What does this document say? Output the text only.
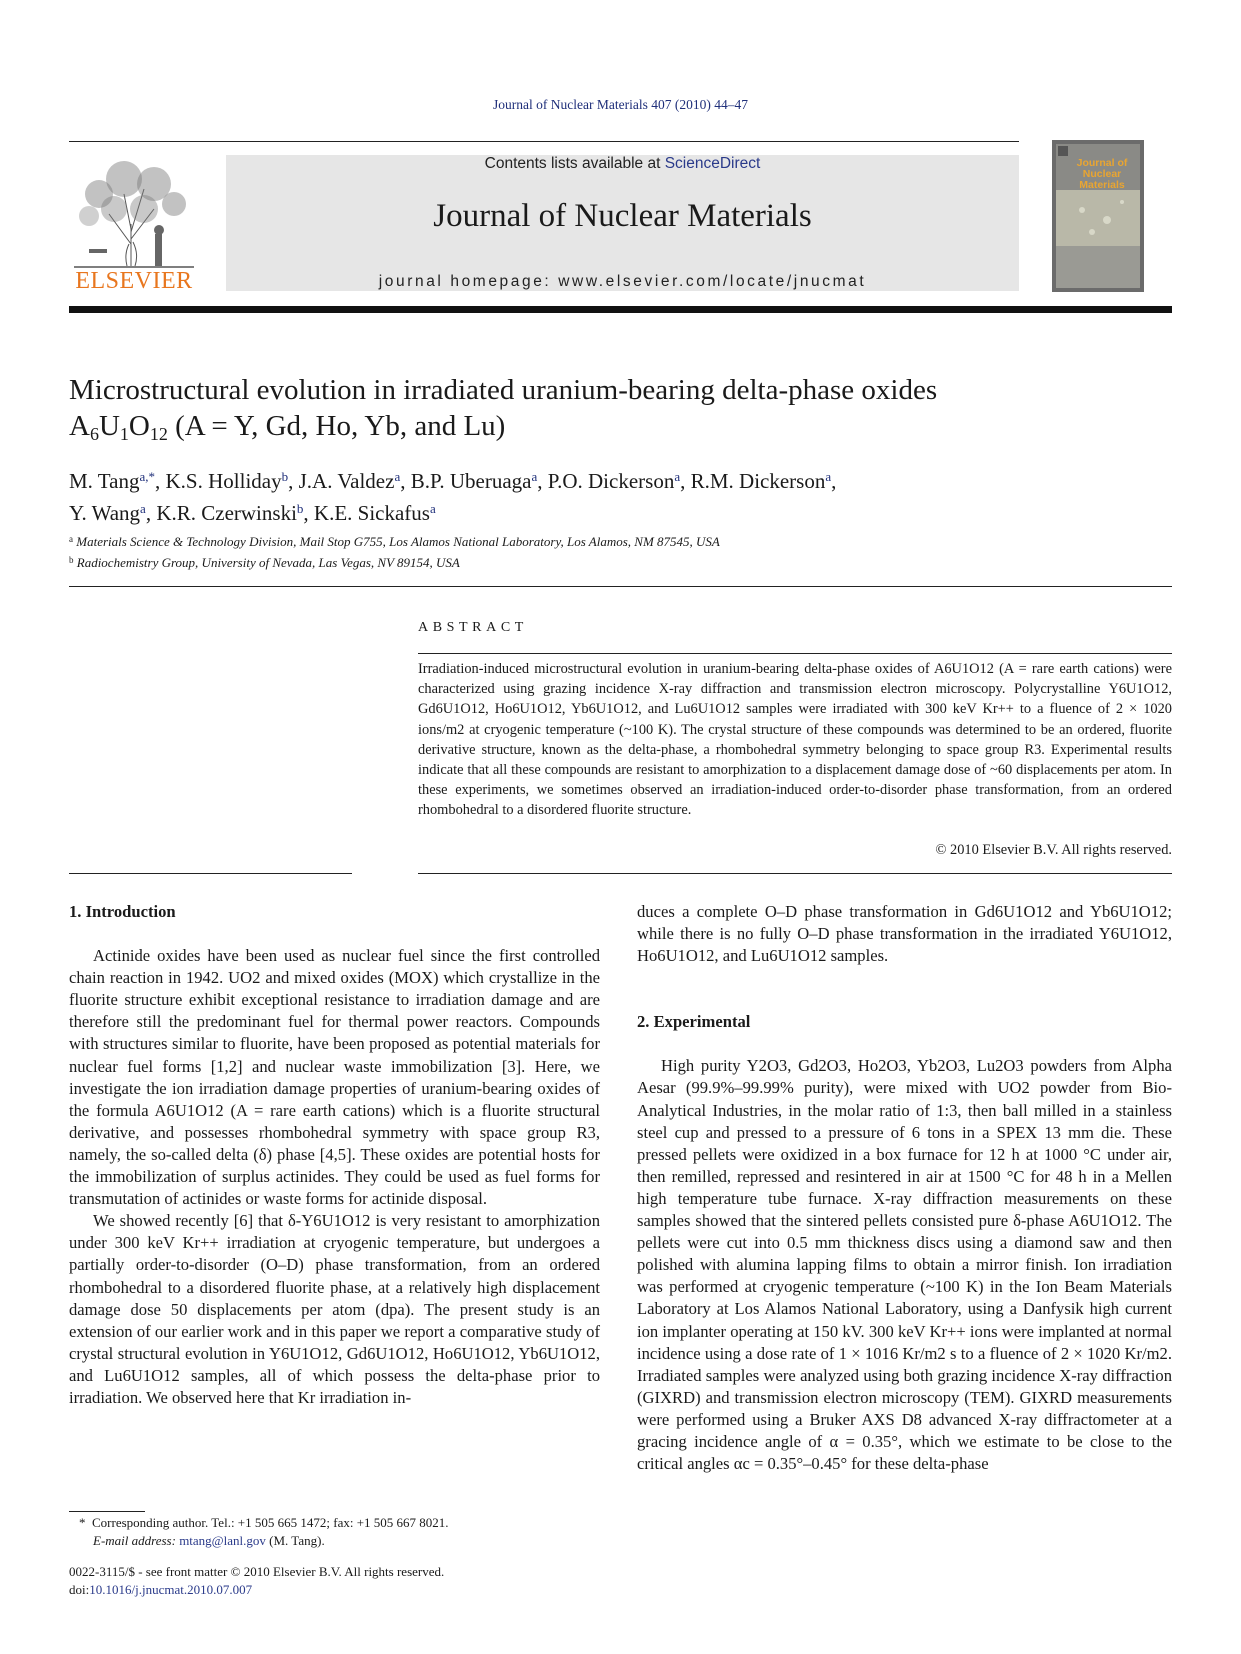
Journal of Nuclear Materials 407 (2010) 44–47
ELSEVIER
Contents lists available at ScienceDirect
Journal of Nuclear Materials
journal homepage: www.elsevier.com/locate/jnucmat
Journal of
Nuclear Materials
Microstructural evolution in irradiated uranium-bearing delta-phase oxides
$A_6U_1O_{12}$ (A = Y, Gd, Ho, Yb, and Lu)
M. Tang$^{a,*}$, K.S. Holliday$^b$, J.A. Valdez$^a$, B.P. Uberuaga$^a$, P.O. Dickerson$^a$, R.M. Dickerson$^a$,
Y. Wang$^a$, K.R. Czerwinski$^b$, K.E. Sickafus$^a$
$^a$ Materials Science & Technology Division, Mail Stop G755, Los Alamos National Laboratory, Los Alamos, NM 87545, USA
$^b$ Radiochemistry Group, University of Nevada, Las Vegas, NV 89154, USA
ABSTRACT
Irradiation-induced microstructural evolution in uranium-bearing delta-phase oxides of A6U1O12 (A = rare earth cations) were characterized using grazing incidence X-ray diffraction and transmission electron microscopy. Polycrystalline Y6U1O12, Gd6U1O12, Ho6U1O12, Yb6U1O12, and Lu6U1O12 samples were irradiated with 300 keV Kr++ to a fluence of 2 × 1020 ions/m2 at cryogenic temperature (~100 K). The crystal structure of these compounds was determined to be an ordered, fluorite derivative structure, known as the delta-phase, a rhombohedral symmetry belonging to space group R3. Experimental results indicate that all these compounds are resistant to amorphization to a displacement damage dose of ~60 displacements per atom. In these experiments, we sometimes observed an irradiation-induced order-to-disorder phase transformation, from an ordered rhombohedral to a disordered fluorite structure.
© 2010 Elsevier B.V. All rights reserved.
1. Introduction

Actinide oxides have been used as nuclear fuel since the first controlled chain reaction in 1942. UO2 and mixed oxides (MOX) which crystallize in the fluorite structure exhibit exceptional resistance to irradiation damage and are therefore still the predominant fuel for thermal power reactors. Compounds with structures similar to fluorite, have been proposed as potential materials for nuclear fuel forms [1,2] and nuclear waste immobilization [3]. Here, we investigate the ion irradiation damage properties of uranium-bearing oxides of the formula A6U1O12 (A = rare earth cations) which is a fluorite structural derivative, and possesses rhombohedral symmetry with space group R3, namely, the so-called delta (δ) phase [4,5]. These oxides are potential hosts for the immobilization of surplus actinides. They could be used as fuel forms for transmutation of actinides or waste forms for actinide disposal.

We showed recently [6] that δ-Y6U1O12 is very resistant to amorphization under 300 keV Kr++ irradiation at cryogenic temperature, but undergoes a partially order-to-disorder (O–D) phase transformation, from an ordered rhombohedral to a disordered fluorite phase, at a relatively high displacement damage dose 50 displacements per atom (dpa). The present study is an extension of our earlier work and in this paper we report a comparative study of crystal structural evolution in Y6U1O12, Gd6U1O12, Ho6U1O12, Yb6U1O12, and Lu6U1O12 samples, all of which possess the delta-phase prior to irradiation. We observed here that Kr irradiation in-

duces a complete O–D phase transformation in Gd6U1O12 and Yb6U1O12; while there is no fully O–D phase transformation in the irradiated Y6U1O12, Ho6U1O12, and Lu6U1O12 samples.

2. Experimental

High purity Y2O3, Gd2O3, Ho2O3, Yb2O3, Lu2O3 powders from Alpha Aesar (99.9%–99.99% purity), were mixed with UO2 powder from Bio-Analytical Industries, in the molar ratio of 1:3, then ball milled in a stainless steel cup and pressed to a pressure of 6 tons in a SPEX 13 mm die. These pressed pellets were oxidized in a box furnace for 12 h at 1000 °C under air, then remilled, repressed and resintered in air at 1500 °C for 48 h in a Mellen high temperature tube furnace. X-ray diffraction measurements on these samples showed that the sintered pellets consisted pure δ-phase A6U1O12. The pellets were cut into 0.5 mm thickness discs using a diamond saw and then polished with alumina lapping films to obtain a mirror finish. Ion irradiation was performed at cryogenic temperature (~100 K) in the Ion Beam Materials Laboratory at Los Alamos National Laboratory, using a Danfysik high current ion implanter operating at 150 kV. 300 keV Kr++ ions were implanted at normal incidence using a dose rate of 1 × 1016 Kr/m2 s to a fluence of 2 × 1020 Kr/m2. Irradiated samples were analyzed using both grazing incidence X-ray diffraction (GIXRD) and transmission electron microscopy (TEM). GIXRD measurements were performed using a Bruker AXS D8 advanced X-ray diffractometer at a gracing incidence angle of α = 0.35°, which we estimate to be close to the critical angles αc = 0.35°–0.45° for these delta-phase

* Corresponding author. Tel.: +1 505 665 1472; fax: +1 505 667 8021.
E-mail address: mtang@lanl.gov (M. Tang).
0022-3115/$ - see front matter © 2010 Elsevier B.V. All rights reserved.
doi:10.1016/j.jnucmat.2010.07.007
